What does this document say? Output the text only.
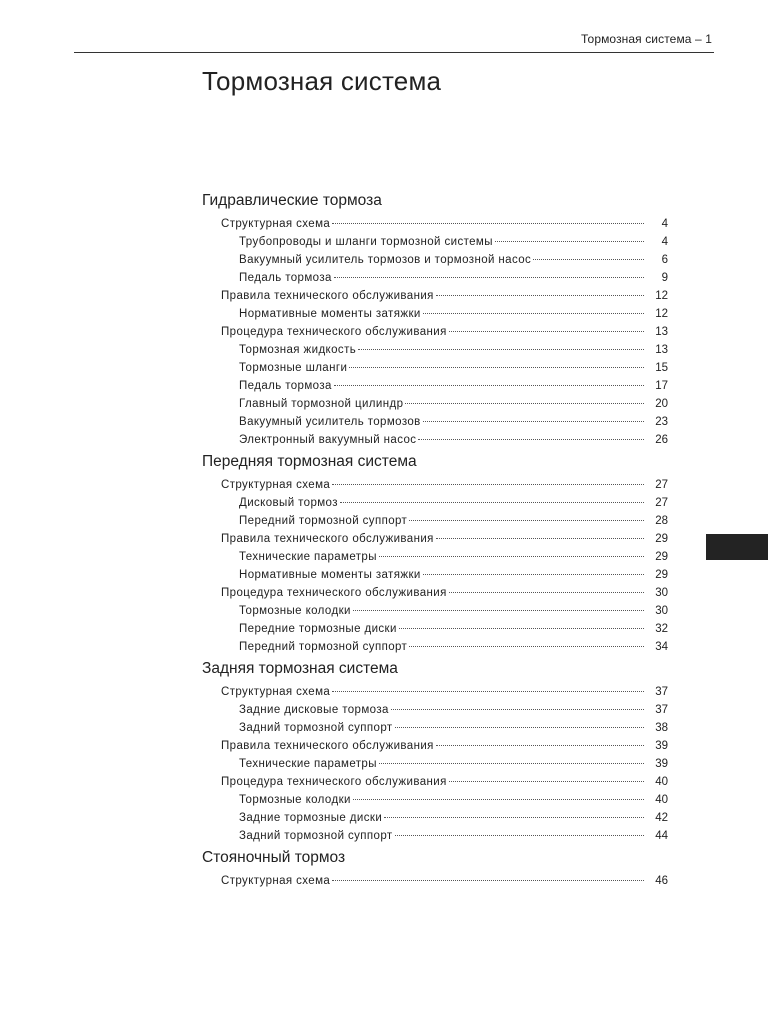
Тормозная система – 1
Тормозная система
Гидравлические тормоза
Структурная схема	4
Трубопроводы и шланги тормозной системы	4
Вакуумный усилитель тормозов и тормозной насос	6
Педаль тормоза	9
Правила технического обслуживания	12
Нормативные моменты затяжки	12
Процедура технического обслуживания	13
Тормозная жидкость	13
Тормозные шланги	15
Педаль тормоза	17
Главный тормозной цилиндр	20
Вакуумный усилитель тормозов	23
Электронный вакуумный насос	26
Передняя тормозная система
Структурная схема	27
Дисковый тормоз	27
Передний тормозной суппорт	28
Правила технического обслуживания	29
Технические параметры	29
Нормативные моменты затяжки	29
Процедура технического обслуживания	30
Тормозные колодки	30
Передние тормозные диски	32
Передний тормозной суппорт	34
Задняя тормозная система
Структурная схема	37
Задние дисковые тормоза	37
Задний тормозной суппорт	38
Правила технического обслуживания	39
Технические параметры	39
Процедура технического обслуживания	40
Тормозные колодки	40
Задние тормозные диски	42
Задний тормозной суппорт	44
Стояночный тормоз
Структурная схема	46
